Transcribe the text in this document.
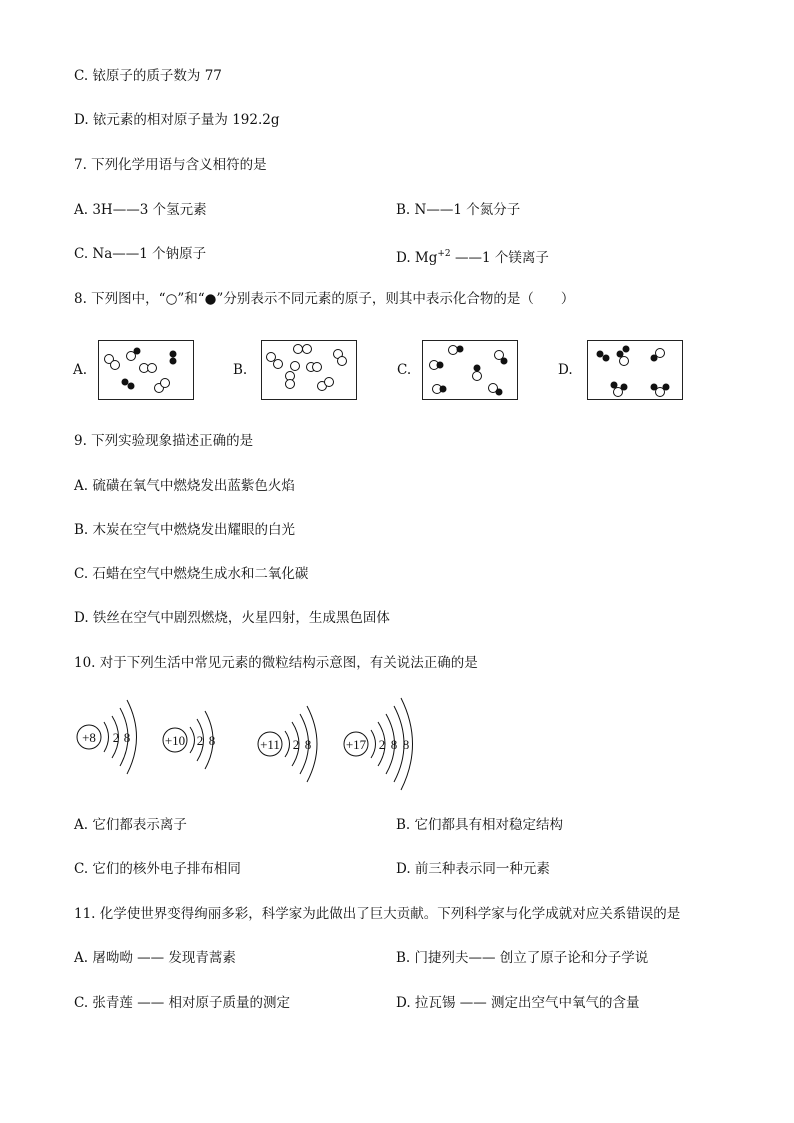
C. 铱原子的质子数为 77
D. 铱元素的相对原子量为 192.2g
7. 下列化学用语与含义相符的是
A. 3H——3 个氢元素	B. N——1 个氮分子
C. Na——1 个钠原子	D. $Mg^{+2}$ ——1 个镁离子
8. 下列图中，“○”和“●”分别表示不同元素的原子，则其中表示化合物的是（　　）
A.	B.	C.	D.
9. 下列实验现象描述正确的是
A. 硫磺在氧气中燃烧发出蓝紫色火焰
B. 木炭在空气中燃烧发出耀眼的白光
C. 石蜡在空气中燃烧生成水和二氧化碳
D. 铁丝在空气中剧烈燃烧，火星四射，生成黑色固体
10. 对于下列生活中常见元素的微粒结构示意图，有关说法正确的是
+8 2 8	+10 2 8	+11 2 8	+17 2 8 8
A. 它们都表示离子	B. 它们都具有相对稳定结构
C. 它们的核外电子排布相同	D. 前三种表示同一种元素
11. 化学使世界变得绚丽多彩，科学家为此做出了巨大贡献。下列科学家与化学成就对应关系错误的是
A. 屠呦呦 —— 发现青蒿素	B. 门捷列夫—— 创立了原子论和分子学说
C. 张青莲 —— 相对原子质量的测定	D. 拉瓦锡 —— 测定出空气中氧气的含量
